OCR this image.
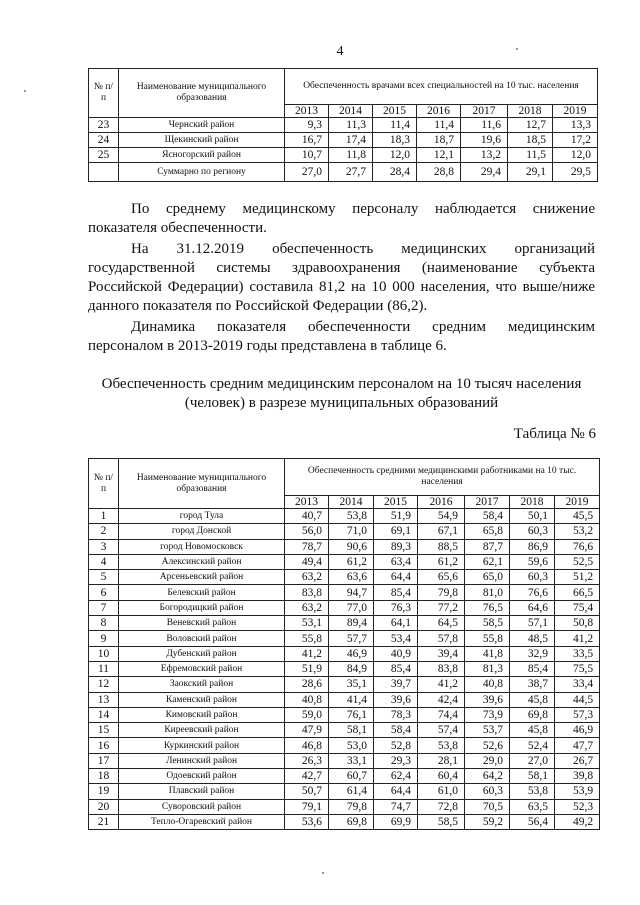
4
№ п/п	Наименование муниципального образования	Обеспеченность врачами всех специальностей на 10 тыс. населения						
		2013	2014	2015	2016	2017	2018	2019
23	Чернский район	9,3	11,3	11,4	11,4	11,6	12,7	13,3
24	Щекинский район	16,7	17,4	18,3	18,7	19,6	18,5	17,2
25	Ясногорский район	10,7	11,8	12,0	12,1	13,2	11,5	12,0
	Суммарно по региону	27,0	27,7	28,4	28,8	29,4	29,1	29,5

По среднему медицинскому персоналу наблюдается снижение показателя обеспеченности.

На 31.12.2019 обеспеченность медицинских организаций государственной системы здравоохранения (наименование субъекта Российской Федерации) составила 81,2 на 10 000 населения, что выше/ниже данного показателя по Российской Федерации (86,2).

Динамика показателя обеспеченности средним медицинским персоналом в 2013-2019 годы представлена в таблице 6.

Обеспеченность средним медицинским персоналом на 10 тысяч населения (человек) в разрезе муниципальных образований

Таблица № 6
№ п/п	Наименование муниципального образования	Обеспеченность средними медицинскими работниками на 10 тыс. населения						
		2013	2014	2015	2016	2017	2018	2019
1	город Тула	40,7	53,8	51,9	54,9	58,4	50,1	45,5
2	город Донской	56,0	71,0	69,1	67,1	65,8	60,3	53,2
3	город Новомосковск	78,7	90,6	89,3	88,5	87,7	86,9	76,6
4	Алексинский район	49,4	61,2	63,4	61,2	62,1	59,6	52,5
5	Арсеньевский район	63,2	63,6	64,4	65,6	65,0	60,3	51,2
6	Белевский район	83,8	94,7	85,4	79,8	81,0	76,6	66,5
7	Богородицкий район	63,2	77,0	76,3	77,2	76,5	64,6	75,4
8	Веневский район	53,1	89,4	64,1	64,5	58,5	57,1	50,8
9	Воловский район	55,8	57,7	53,4	57,8	55,8	48,5	41,2
10	Дубенский район	41,2	46,9	40,9	39,4	41,8	32,9	33,5
11	Ефремовский район	51,9	84,9	85,4	83,8	81,3	85,4	75,5
12	Заокский район	28,6	35,1	39,7	41,2	40,8	38,7	33,4
13	Каменский район	40,8	41,4	39,6	42,4	39,6	45,8	44,5
14	Кимовский район	59,0	76,1	78,3	74,4	73,9	69,8	57,3
15	Киреевский район	47,9	58,1	58,4	57,4	53,7	45,8	46,9
16	Куркинский район	46,8	53,0	52,8	53,8	52,6	52,4	47,7
17	Ленинский район	26,3	33,1	29,3	28,1	29,0	27,0	26,7
18	Одоевский район	42,7	60,7	62,4	60,4	64,2	58,1	39,8
19	Плавский район	50,7	61,4	64,4	61,0	60,3	53,8	53,9
20	Суворовский район	79,1	79,8	74,7	72,8	70,5	63,5	52,3
21	Тепло-Огаревский район	53,6	69,8	69,9	58,5	59,2	56,4	49,2
